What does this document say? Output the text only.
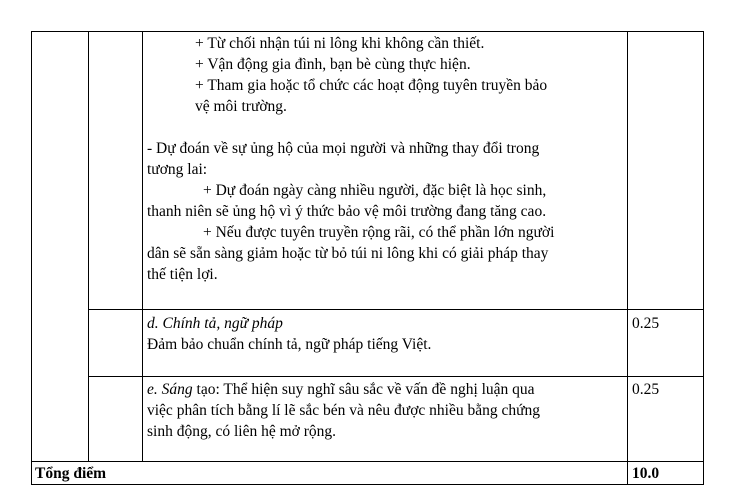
+ Từ chối nhận túi ni lông khi không cần thiết.
+ Vận động gia đình, bạn bè cùng thực hiện.
+ Tham gia hoặc tổ chức các hoạt động tuyên truyền bảo
vệ môi trường.
- Dự đoán về sự ủng hộ của mọi người và những thay đổi trong
tương lai:
+ Dự đoán ngày càng nhiều người, đặc biệt là học sinh,
thanh niên sẽ ủng hộ vì ý thức bảo vệ môi trường đang tăng cao.
+ Nếu được tuyên truyền rộng rãi, có thể phần lớn người
dân sẽ sẵn sàng giảm hoặc từ bỏ túi ni lông khi có giải pháp thay
thế tiện lợi.
d. Chính tả, ngữ pháp
Đảm bảo chuẩn chính tả, ngữ pháp tiếng Việt.
0.25
e. Sáng tạo: Thể hiện suy nghĩ sâu sắc về vấn đề nghị luận qua
việc phân tích bằng lí lẽ sắc bén và nêu được nhiều bằng chứng
sinh động, có liên hệ mở rộng.
0.25
Tổng điểm	10.0
